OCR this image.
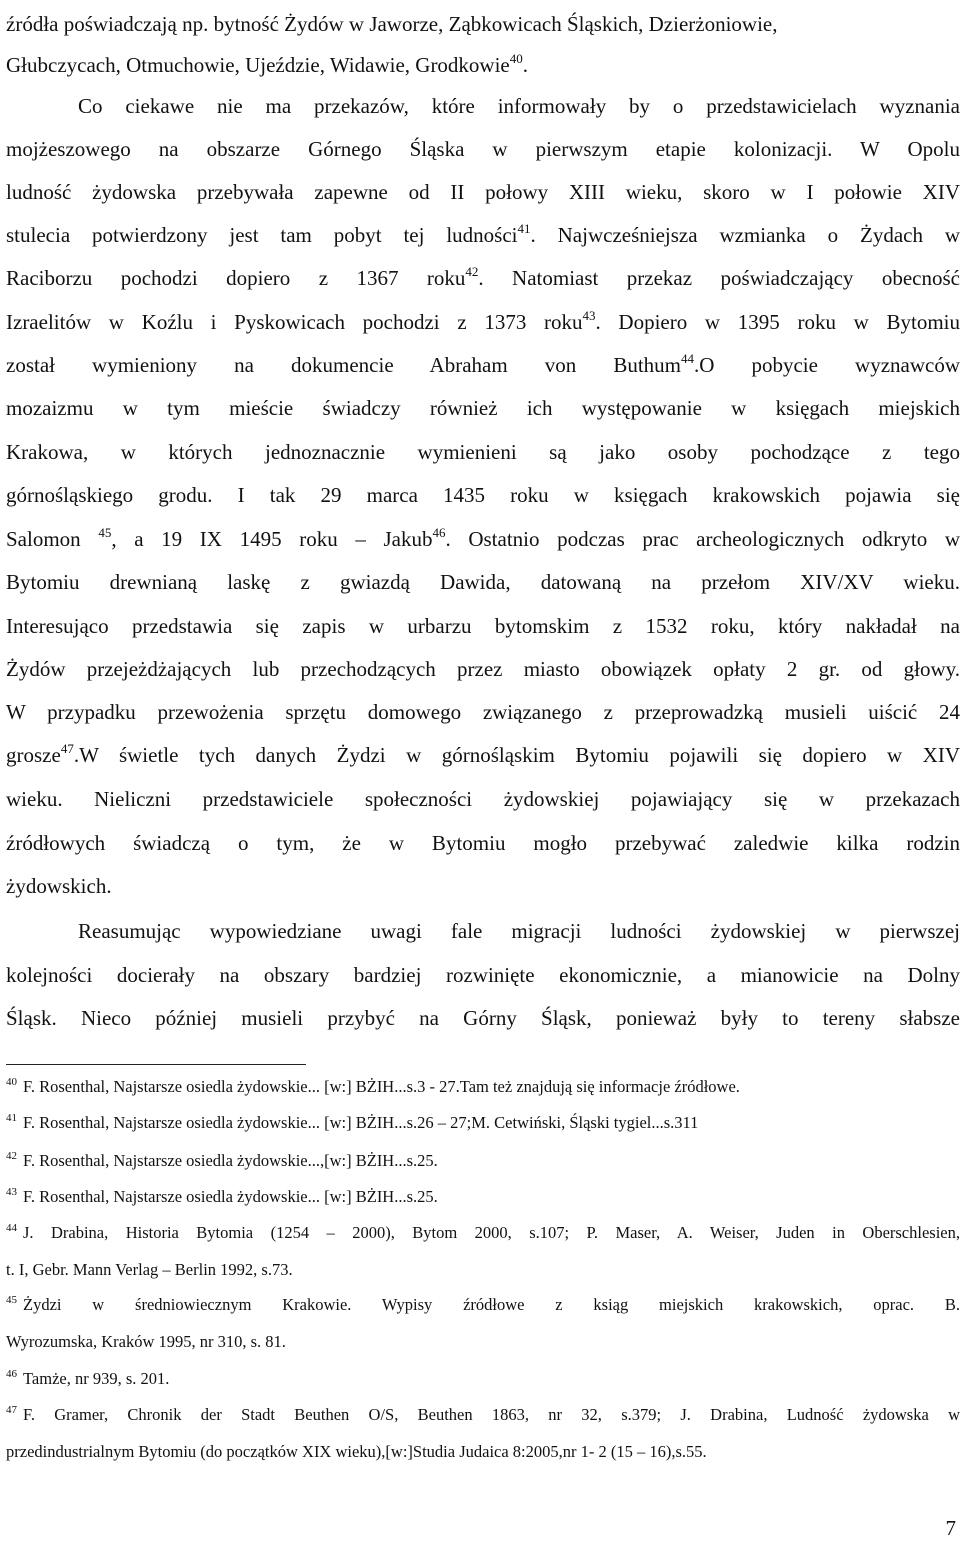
źródła poświadczają np. bytność Żydów w Jaworze, Ząbkowicach Śląskich, Dzierżoniowie,
Głubczycach, Otmuchowie, Ujeździe, Widawie, Grodkowie$^{40}$.
Co ciekawe nie ma przekazów, które informowały by o przedstawicielach wyznania
mojżeszowego na obszarze Górnego Śląska w pierwszym etapie kolonizacji. W Opolu
ludność żydowska przebywała zapewne od II połowy XIII wieku, skoro w I połowie XIV
stulecia potwierdzony jest tam pobyt tej ludności$^{41}$. Najwcześniejsza wzmianka o Żydach w
Raciborzu pochodzi dopiero z 1367 roku$^{42}$. Natomiast przekaz poświadczający obecność
Izraelitów w Koźlu i Pyskowicach pochodzi z 1373 roku$^{43}$. Dopiero w 1395 roku w Bytomiu
został wymieniony na dokumencie Abraham von Buthum$^{44}$.O pobycie wyznawców
mozaizmu w tym mieście świadczy również ich występowanie w księgach miejskich
Krakowa, w których jednoznacznie wymienieni są jako osoby pochodzące z tego
górnośląskiego grodu. I tak 29 marca 1435 roku w księgach krakowskich pojawia się
Salomon $^{45}$, a 19 IX 1495 roku – Jakub$^{46}$. Ostatnio podczas prac archeologicznych odkryto w
Bytomiu drewnianą laskę z gwiazdą Dawida, datowaną na przełom XIV/XV wieku.
Interesująco przedstawia się zapis w urbarzu bytomskim z 1532 roku, który nakładał na
Żydów przejeżdżających lub przechodzących przez miasto obowiązek opłaty 2 gr. od głowy.
W przypadku przewożenia sprzętu domowego związanego z przeprowadzką musieli uiścić 24
grosze$^{47}$.W świetle tych danych Żydzi w górnośląskim Bytomiu pojawili się dopiero w XIV
wieku. Nieliczni przedstawiciele społeczności żydowskiej pojawiający się w przekazach
źródłowych świadczą o tym, że w Bytomiu mogło przebywać zaledwie kilka rodzin
żydowskich.
Reasumując wypowiedziane uwagi fale migracji ludności żydowskiej w pierwszej
kolejności docierały na obszary bardziej rozwinięte ekonomicznie, a mianowicie na Dolny
Śląsk. Nieco później musieli przybyć na Górny Śląsk, ponieważ były to tereny słabsze
$^{40}$ F. Rosenthal, Najstarsze osiedla żydowskie... [w:] BŻIH...s.3 - 27.Tam też znajdują się informacje źródłowe.
$^{41}$ F. Rosenthal, Najstarsze osiedla żydowskie... [w:] BŻIH...s.26 – 27;M. Cetwiński, Śląski tygiel...s.311
$^{42}$ F. Rosenthal, Najstarsze osiedla żydowskie...,[w:] BŻIH...s.25.
$^{43}$ F. Rosenthal, Najstarsze osiedla żydowskie... [w:] BŻIH...s.25.
$^{44}$ J. Drabina, Historia Bytomia (1254 – 2000), Bytom 2000, s.107; P. Maser, A. Weiser, Juden in Oberschlesien,
t. I, Gebr. Mann Verlag – Berlin 1992, s.73.
$^{45}$ Żydzi w średniowiecznym Krakowie. Wypisy źródłowe z ksiąg miejskich krakowskich, oprac. B.
Wyrozumska, Kraków 1995, nr 310, s. 81.
$^{46}$ Tamże, nr 939, s. 201.
$^{47}$ F. Gramer, Chronik der Stadt Beuthen O/S, Beuthen 1863, nr 32, s.379; J. Drabina, Ludność żydowska w
przedindustrialnym Bytomiu (do początków XIX wieku),[w:]Studia Judaica 8:2005,nr 1- 2 (15 – 16),s.55.
7
